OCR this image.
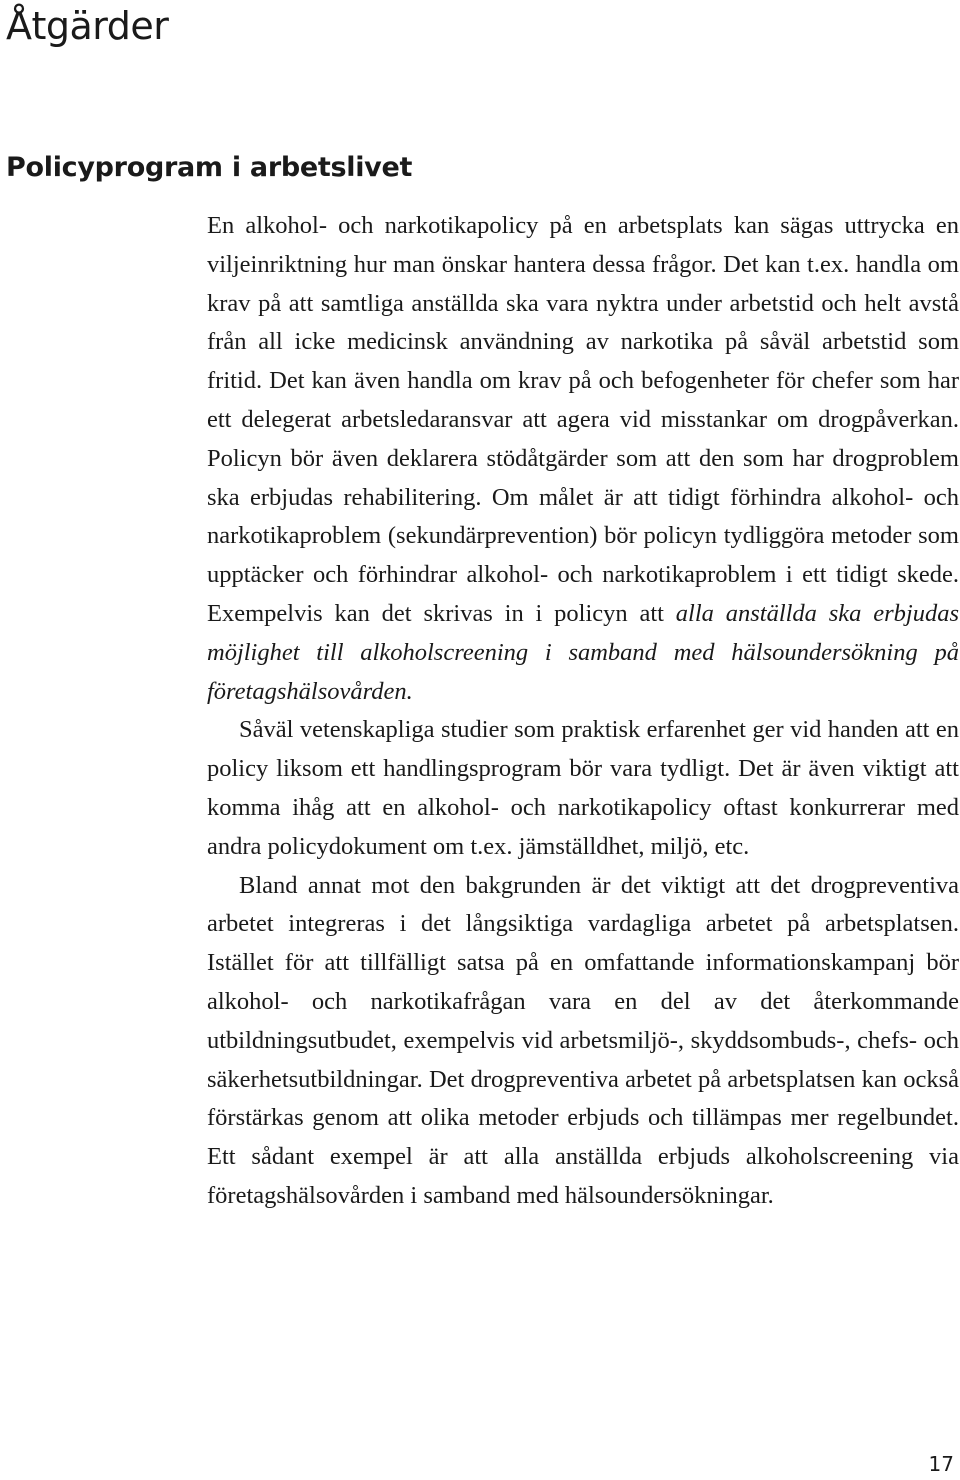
Åtgärder
Policyprogram i arbetslivet

En alkohol- och narkotikapolicy på en arbetsplats kan sägas uttrycka en viljeinriktning hur man önskar hantera dessa frågor. Det kan t.ex. handla om krav på att samtliga anställda ska vara nyktra under arbetstid och helt avstå från all icke medicinsk användning av narkotika på såväl arbetstid som fritid. Det kan även handla om krav på och befogenheter för chefer som har ett delegerat arbetsledaransvar att agera vid misstankar om drogpåverkan. Policyn bör även deklarera stödåtgärder som att den som har drogproblem ska erbjudas rehabilitering. Om målet är att tidigt förhindra alkohol- och narkotikaproblem (sekundärprevention) bör policyn tydliggöra metoder som upptäcker och förhindrar alkohol- och narkotikaproblem i ett tidigt skede. Exempelvis kan det skrivas in i policyn att alla anställda ska erbjudas möjlighet till alkoholscreening i samband med hälsoundersökning på företagshälsovården.

Såväl vetenskapliga studier som praktisk erfarenhet ger vid handen att en policy liksom ett handlingsprogram bör vara tydligt. Det är även viktigt att komma ihåg att en alkohol- och narkotikapolicy oftast konkurrerar med andra policydokument om t.ex. jämställdhet, miljö, etc.

Bland annat mot den bakgrunden är det viktigt att det drogpreventiva arbetet integreras i det långsiktiga vardagliga arbetet på arbetsplatsen. Istället för att tillfälligt satsa på en omfattande informationskampanj bör alkohol- och narkotikafrågan vara en del av det återkommande utbildningsutbudet, exempelvis vid arbetsmiljö-, skyddsombuds-, chefs- och säkerhetsutbildningar. Det drogpreventiva arbetet på arbetsplatsen kan också förstärkas genom att olika metoder erbjuds och tillämpas mer regelbundet. Ett sådant exempel är att alla anställda erbjuds alkoholscreening via företagshälsovården i samband med hälsoundersökningar.

17
